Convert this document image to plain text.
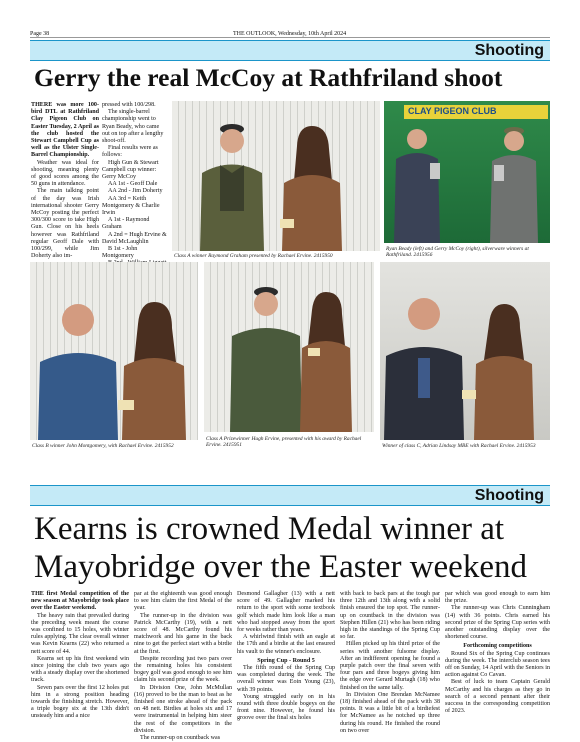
Page 38	THE OUTLOOK, Wednesday, 10th April 2024
Shooting
Gerry the real McCoy at Rathfriland shoot

THERE was more 100-bird DTL at Rathfriland Clay Pigeon Club on Easter Tuesday, 2 April as the club hosted the Stewart Campbell Cup as well as the Ulster Single-Barrel Championship.

Weather was ideal for shooting, meaning plenty of good scores among the 50 guns in attendance.

The main talking point of the day was Irish international shooter Gerry McCoy posting the perfect 300/300 score to take High Gun. Close on his heels however was Rathfriland regular Geoff Dale with 100/299, while Jim Doherty also im-

pressed with 100/298.

The single-barrel championship went to Ryan Beady, who came out on top after a lengthy shoot-off.

Final results were as follows:

High Gun & Stewart Campbell cup winner: Gerry McCoy

AA 1st - Geoff Dale

AA 2nd - Jim Doherty

AA 3rd = Keith Montgomery & Charlie Irwin

A 1st - Raymond Graham

A 2nd = Hugh Ervine & David McLaughlin

B 1st - John Montgomery	Class A winner Raymond Graham presented by Rachael Ervine. 2415950
CLAY PIGEON CLUB
Ryan Beady (left) and Gerry McCoy (right), silverware winners at Rathfriland. 2415956
Class B winner John Montgomery, with Rachael Ervine. 2415952
Class A Prizewinner Hugh Ervine, presented with his award by Rachael Ervine. 2415951	Winner of class C, Adrian Lindsay MBE with Rachael Ervine. 2415953
Shooting
Kearns is crowned Medal winner at Mayobridge over the Easter weekend

THE first Medal competition of the new season at Mayobridge took place over the Easter weekend.

The heavy rain that prevailed during the preceding week meant the course was confined to 15 holes, with winter rules applying. The clear overall winner was Kevin Kearns (22) who returned a nett score of 44.

Kearns set up his first weekend win since joining the club two years ago with a steady display over the shortened track.

Seven pars over the first 12 holes put him in a strong position heading towards the finishing stretch. However, a triple bogey six at the 13th didn't unsteady him and a nice

par at the eighteenth was good enough to see him claim the first Medal of the year.

The runner-up in the division was Patrick McCarthy (19), with a nett score of 48. McCarthy found his matchwork and his game in the back nine to get the perfect start with a birdie at the first.

Despite recording just two pars over the remaining holes his consistent bogey golf was good enough to see him claim his second prize of the week.

In Division One, John McMullan (16) proved to be the man to beat as he finished one stroke ahead of the pack on 48 nett. Birdies at holes six and 17 were instrumental in helping him steer the rest of the competitors in the division.

The runner-up on countback was

Desmond Gallagher (13) with a nett score of 49. Gallagher marked his return to the sport with some textbook golf which made him look like a man who had stopped away from the sport for weeks rather than years.

A whirlwind finish with an eagle at the 17th and a birdie at the last ensured his vault to the winner's enclosure.

Spring Cup - Round 5

The fifth round of the Spring Cup was completed during the week. The overall winner was Eoin Young (23), with 39 points.

Young struggled early on in his round with three double bogeys on the front nine. However, he found his groove over the final six holes

with back to back pars at the tough par three 12th and 13th along with a solid finish ensured the top spot. The runner-up on countback in the division was Stephen Hillen (21) who has been riding high in the standings of the Spring Cup so far.

Hillen picked up his third prize of the series with another fulsome display. After an indifferent opening he found a purple patch over the final seven with four pars and three bogeys giving him the edge over Gerard Murtagh (18) who finished on the same tally.

In Division One Brendan McNamee (18) finished ahead of the pack with 38 points. It was a little bit of a birdiefest for McNamee as he notched up three during his round. He finished the round on two over

par which was good enough to earn him the prize.

The runner-up was Chris Cunningham (14) with 36 points. Chris earned his second prize of the Spring Cup series with another outstanding display over the shortened course.

Forthcoming competitions

Round Six of the Spring Cup continues during the week. The interclub season tees off on Sunday, 14 April with the Seniors in action against Co Cavan.

Best of luck to team Captain Gerald McCarthy and his charges as they go in search of a second pennant after their success in the corresponding competition of 2023.
